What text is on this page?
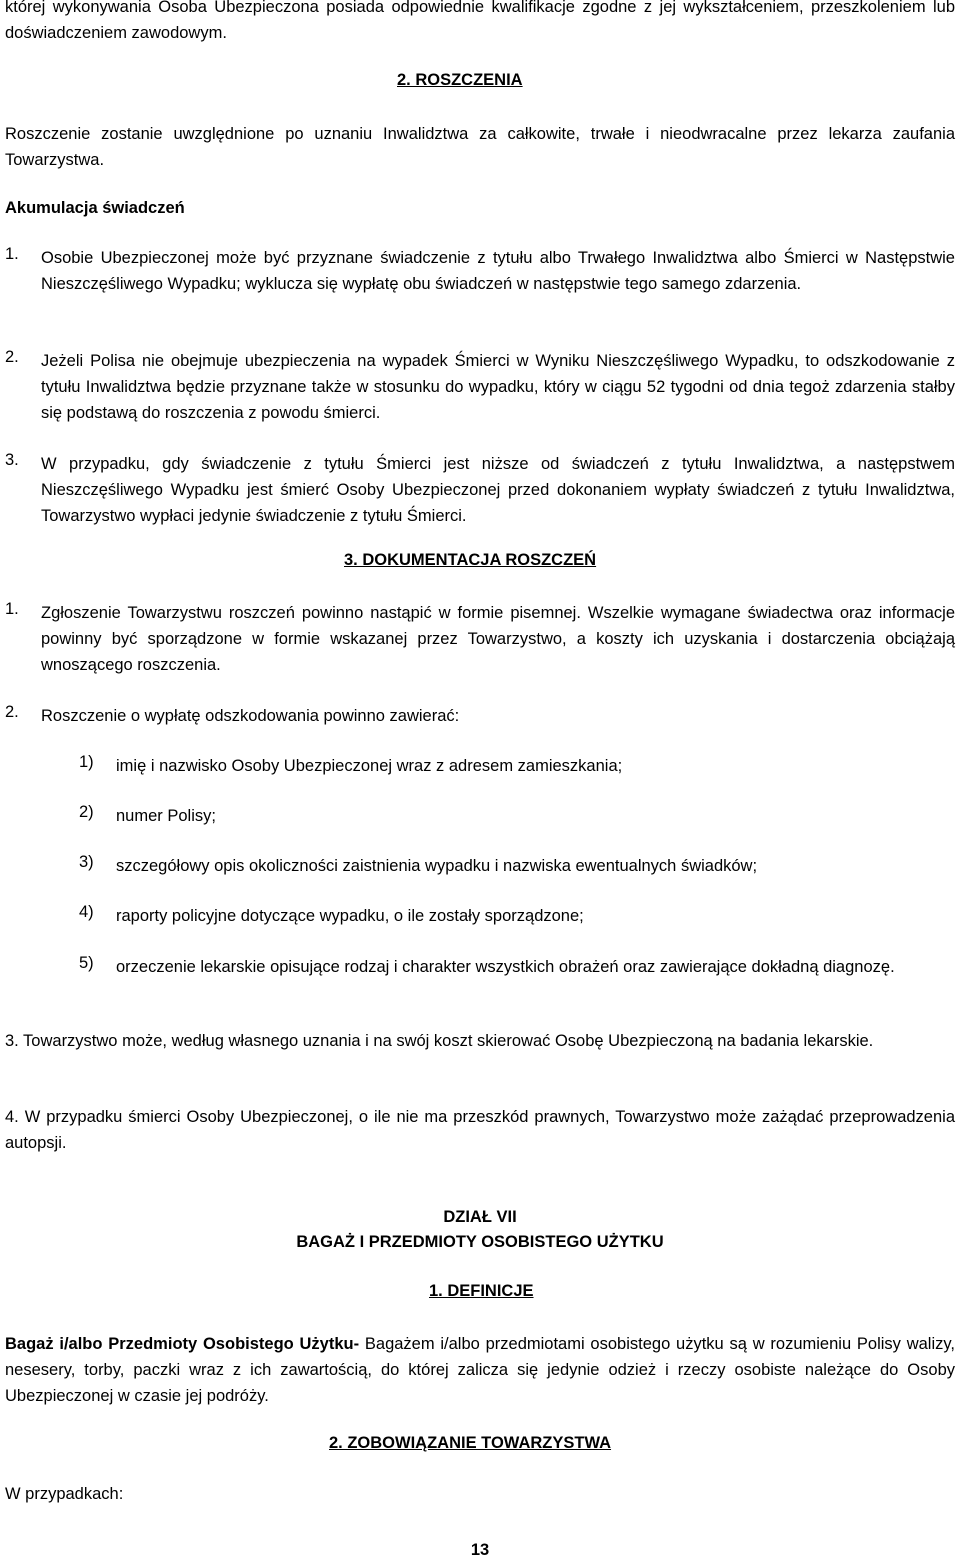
której wykonywania Osoba Ubezpieczona posiada odpowiednie kwalifikacje zgodne z jej wykształceniem, przeszkoleniem lub doświadczeniem zawodowym.

2. ROSZCZENIA

Roszczenie zostanie uwzględnione po uznaniu Inwalidztwa za całkowite, trwałe i nieodwracalne przez lekarza zaufania Towarzystwa.

Akumulacja świadczeń
1.	Osobie Ubezpieczonej może być przyznane świadczenie z tytułu albo Trwałego Inwalidztwa albo Śmierci w Następstwie Nieszczęśliwego Wypadku; wyklucza się wypłatę obu świadczeń w następstwie tego samego zdarzenia.

2.	Jeżeli Polisa nie obejmuje ubezpieczenia na wypadek Śmierci w Wyniku Nieszczęśliwego Wypadku, to odszkodowanie z tytułu Inwalidztwa będzie przyznane także w stosunku do wypadku, który w ciągu 52 tygodni od dnia tegoż zdarzenia stałby się podstawą do roszczenia z powodu śmierci.

3.	W przypadku, gdy świadczenie z tytułu Śmierci jest niższe od świadczeń z tytułu Inwalidztwa, a następstwem Nieszczęśliwego Wypadku jest śmierć Osoby Ubezpieczonej przed dokonaniem wypłaty świadczeń z tytułu Inwalidztwa, Towarzystwo wypłaci jedynie świadczenie z tytułu Śmierci.

3. DOKUMENTACJA ROSZCZEŃ
1.	Zgłoszenie Towarzystwu roszczeń powinno nastąpić w formie pisemnej. Wszelkie wymagane świadectwa oraz informacje powinny być sporządzone w formie wskazanej przez Towarzystwo, a koszty ich uzyskania i dostarczenia obciążają wnoszącego roszczenia.

2.	Roszczenie o wypłatę odszkodowania powinno zawierać:

1)	imię i nazwisko Osoby Ubezpieczonej wraz z adresem zamieszkania;

2)	numer Polisy;

3)	szczegółowy opis okoliczności zaistnienia wypadku i nazwiska ewentualnych świadków;

4)	raporty policyjne dotyczące wypadku, o ile zostały sporządzone;

5)	orzeczenie lekarskie opisujące rodzaj i charakter wszystkich obrażeń oraz zawierające dokładną diagnozę.

3. Towarzystwo może, według własnego uznania i na swój koszt skierować Osobę Ubezpieczoną na badania lekarskie.

4. W przypadku śmierci Osoby Ubezpieczonej, o ile nie ma przeszkód prawnych, Towarzystwo może zażądać przeprowadzenia autopsji.

DZIAŁ VII
BAGAŻ I PRZEDMIOTY OSOBISTEGO UŻYTKU
1. DEFINICJE

Bagaż i/albo Przedmioty Osobistego Użytku- Bagażem i/albo przedmiotami osobistego użytku są w rozumieniu Polisy walizy, nesesery, torby, paczki wraz z ich zawartością, do której zalicza się jedynie odzież i rzeczy osobiste należące do Osoby Ubezpieczonej w czasie jej podróży.

2. ZOBOWIĄZANIE TOWARZYSTWA
W przypadkach:
13
